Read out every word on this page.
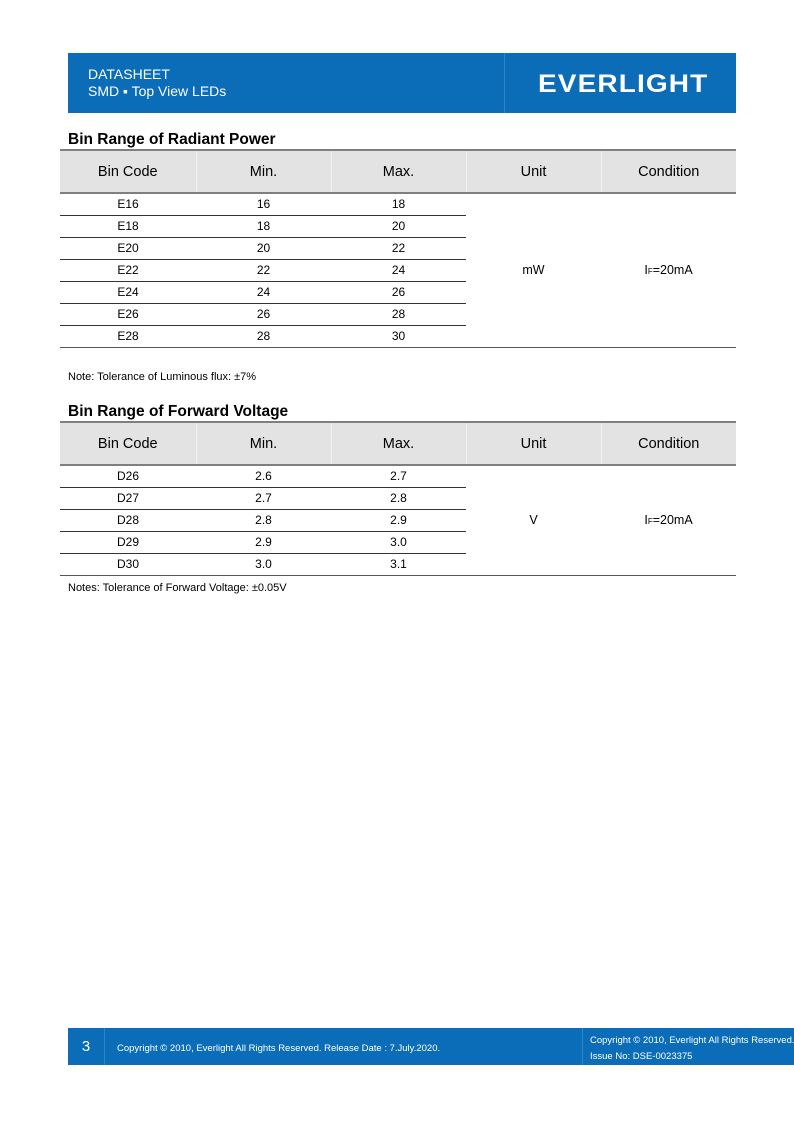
DATASHEET
SMD ▪ Top View LEDs	EVERLIGHT
Bin Range of Radiant Power
Bin Code	Min.	Max.	Unit	Condition
E16	16	18	mW	IF=20mA
E18	18	20		
E20	20	22		
E22	22	24		
E24	24	26		
E26	26	28		
E28	28	30		
Note: Tolerance of Luminous flux: ±7%
Bin Range of Forward Voltage
Bin Code	Min.	Max.	Unit	Condition
D26	2.6	2.7	V	IF=20mA
D27	2.7	2.8		
D28	2.8	2.9		
D29	2.9	3.0		
D30	3.0	3.1		
Notes: Tolerance of Forward Voltage: ±0.05V
3	Copyright © 2010, Everlight All Rights Reserved. Release Date : 7.July.2020.
Copyright © 2010, Everlight All Rights Reserved.
Issue No: DSE-0023375
